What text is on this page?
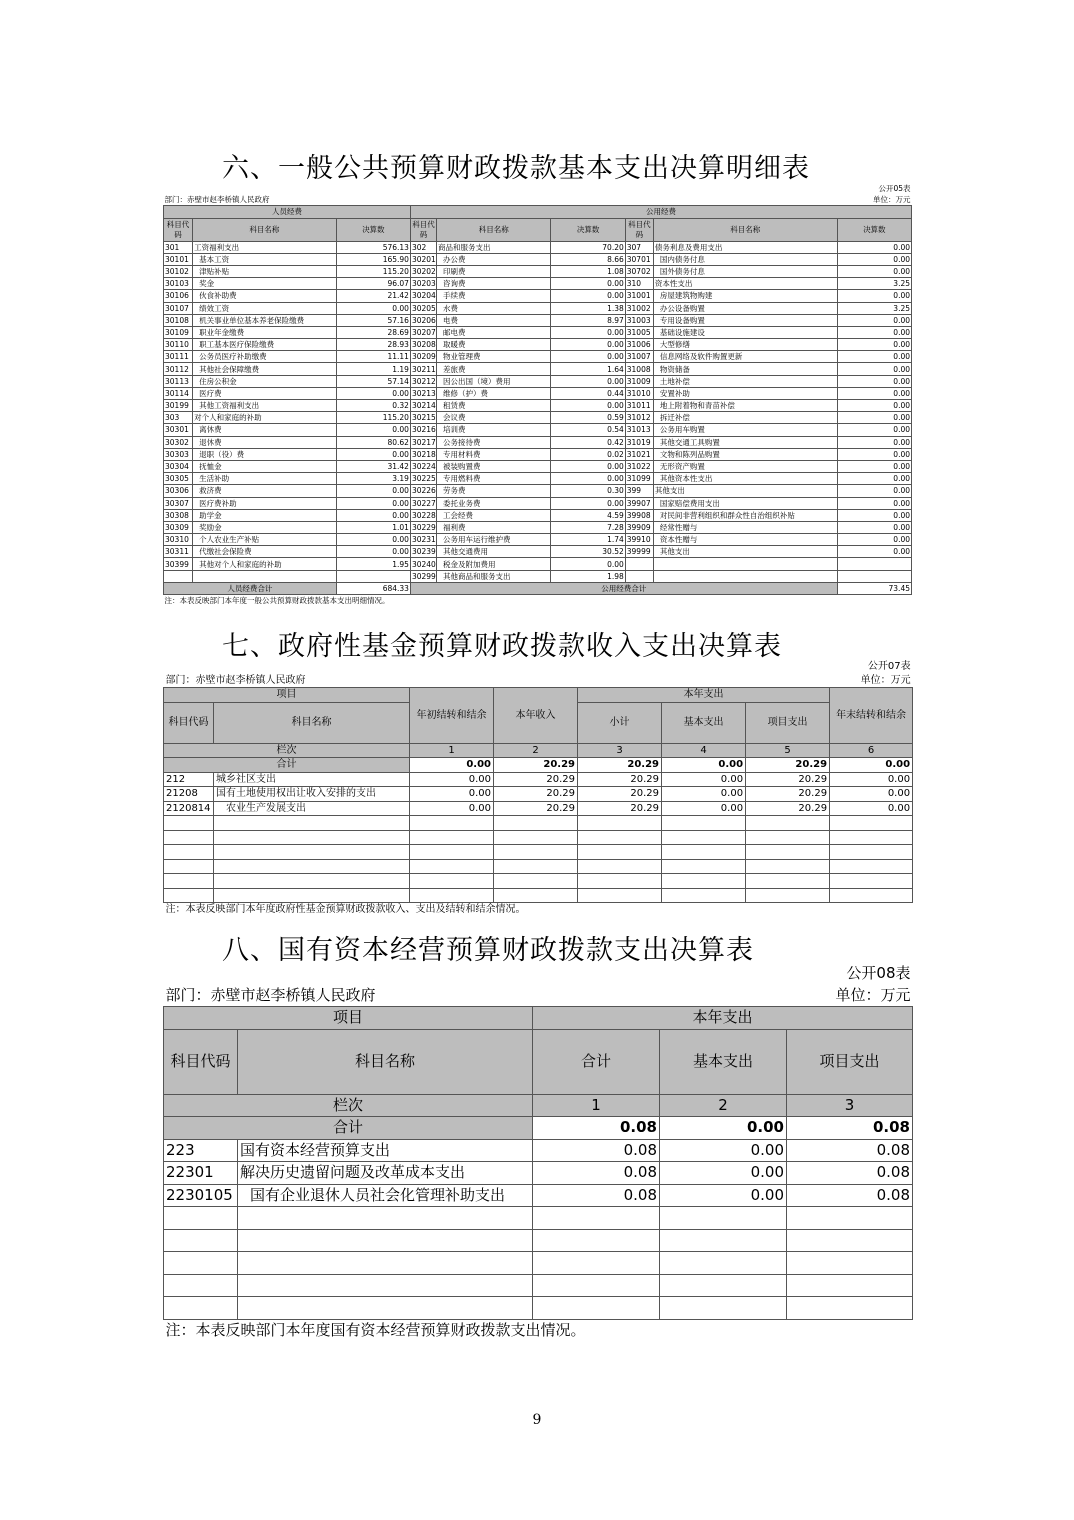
六、一般公共预算财政拨款基本支出决算明细表
							公开05表	
部门：赤壁市赵李桥镇人民政府						单位：万元		
人员经费			公用经费					
科目代码	科目名称	决算数	科目代码	科目名称	决算数	科目代码	科目名称	决算数
301	工资福利支出	576.13	302	商品和服务支出	70.20	307	债务利息及费用支出	0.00
30101	基本工资	165.90	30201	办公费	8.66	30701	国内债务付息	0.00
30102	津贴补贴	115.20	30202	印刷费	1.08	30702	国外债务付息	0.00
30103	奖金	96.07	30203	咨询费	0.00	310	资本性支出	3.25
30106	伙食补助费	21.42	30204	手续费	0.00	31001	房屋建筑物购建	0.00
30107	绩效工资	0.00	30205	水费	1.38	31002	办公设备购置	3.25
30108	机关事业单位基本养老保险缴费	57.16	30206	电费	8.97	31003	专用设备购置	0.00
30109	职业年金缴费	28.69	30207	邮电费	0.00	31005	基础设施建设	0.00
30110	职工基本医疗保险缴费	28.93	30208	取暖费	0.00	31006	大型修缮	0.00
30111	公务员医疗补助缴费	11.11	30209	物业管理费	0.00	31007	信息网络及软件购置更新	0.00
30112	其他社会保障缴费	1.19	30211	差旅费	1.64	31008	物资储备	0.00
30113	住房公积金	57.14	30212	因公出国（境）费用	0.00	31009	土地补偿	0.00
30114	医疗费	0.00	30213	维修（护）费	0.44	31010	安置补助	0.00
30199	其他工资福利支出	0.32	30214	租赁费	0.00	31011	地上附着物和青苗补偿	0.00
303	对个人和家庭的补助	115.20	30215	会议费	0.59	31012	拆迁补偿	0.00
30301	离休费	0.00	30216	培训费	0.54	31013	公务用车购置	0.00
30302	退休费	80.62	30217	公务接待费	0.42	31019	其他交通工具购置	0.00
30303	退职（役）费	0.00	30218	专用材料费	0.02	31021	文物和陈列品购置	0.00
30304	抚恤金	31.42	30224	被装购置费	0.00	31022	无形资产购置	0.00
30305	生活补助	3.19	30225	专用燃料费	0.00	31099	其他资本性支出	0.00
30306	救济费	0.00	30226	劳务费	0.30	399	其他支出	0.00
30307	医疗费补助	0.00	30227	委托业务费	0.00	39907	国家赔偿费用支出	0.00
30308	助学金	0.00	30228	工会经费	4.59	39908	对民间非营利组织和群众性自治组织补贴	0.00
30309	奖励金	1.01	30229	福利费	7.28	39909	经常性赠与	0.00
30310	个人农业生产补贴	0.00	30231	公务用车运行维护费	1.74	39910	资本性赠与	0.00
30311	代缴社会保险费	0.00	30239	其他交通费用	30.52	39999	其他支出	0.00
30399	其他对个人和家庭的补助	1.95	30240	税金及附加费用	0.00			
			30299	其他商品和服务支出	1.98			
人员经费合计		684.33	公用经费合计					73.45
注：本表反映部门本年度一般公共预算财政拨款基本支出明细情况。								
七、政府性基金预算财政拨款收入支出决算表
						公开07表	
部门：赤壁市赵李桥镇人民政府					单位：万元		
项目		年初结转和结余	本年收入	本年支出			年末结转和结余
科目代码	科目名称			小计	基本支出	项目支出	

栏次		1	2	3	4	5	6
合计		0.00	20.29	20.29	0.00	20.29	0.00
212	城乡社区支出	0.00	20.29	20.29	0.00	20.29	0.00
21208	国有土地使用权出让收入安排的支出	0.00	20.29	20.29	0.00	20.29	0.00
2120814	农业生产发展支出	0.00	20.29	20.29	0.00	20.29	0.00

注：本表反映部门本年度政府性基金预算财政拨款收入、支出及结转和结余情况。							
八、国有资本经营预算财政拨款支出决算表
				公开08表
部门：赤壁市赵李桥镇人民政府			单位：万元	
项目		本年支出		
科目代码	科目名称	合计	基本支出	项目支出
栏次		1	2	3
合计		0.08	0.00	0.08
223	国有资本经营预算支出	0.08	0.00	0.08
22301	解决历史遗留问题及改革成本支出	0.08	0.00	0.08
2230105	国有企业退休人员社会化管理补助支出	0.08	0.00	0.08

注：本表反映部门本年度国有资本经营预算财政拨款支出情况。				
9
